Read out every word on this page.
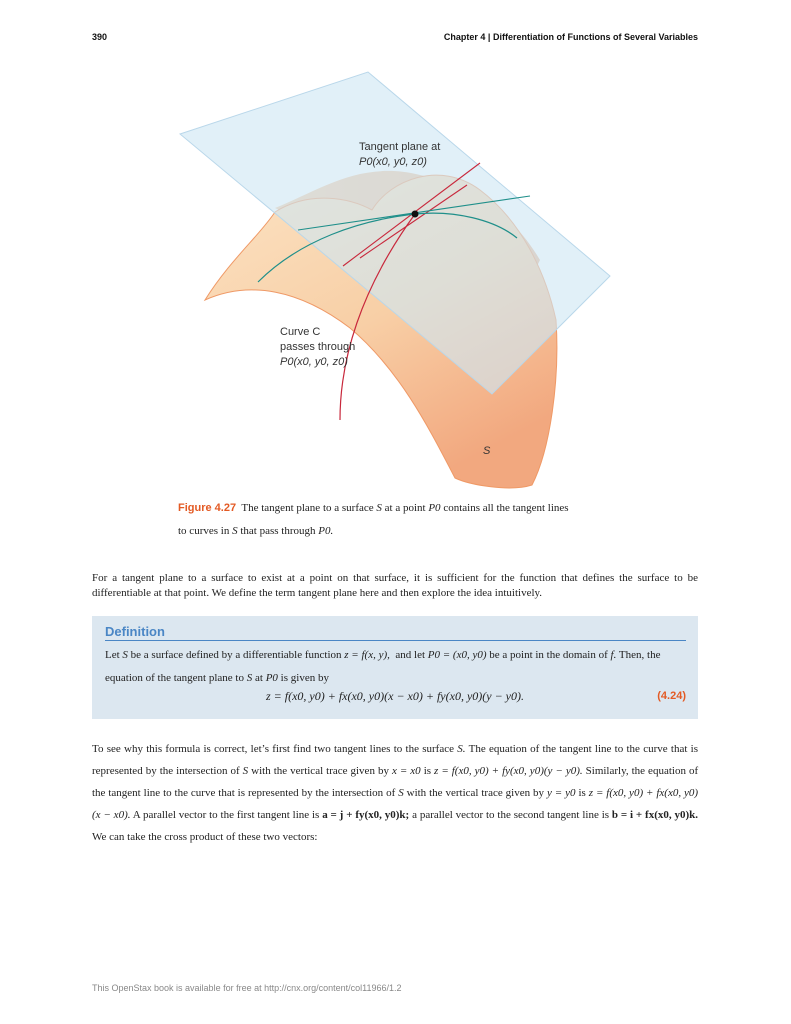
390	Chapter 4 | Differentiation of Functions of Several Variables
Tangent plane at
P0(x0, y0, z0)
Curve C
passes through
P0(x0, y0, z0)
S
Figure 4.27 The tangent plane to a surface S at a point P0 contains all the tangent lines
to curves in S that pass through P0.
For a tangent plane to a surface to exist at a point on that surface, it is sufficient for the function that defines the surface to be differentiable at that point. We define the term tangent plane here and then explore the idea intuitively.
Definition
Let S be a surface defined by a differentiable function z = f(x, y), and let P0 = (x0, y0) be a point in the domain of f. Then, the equation of the tangent plane to S at P0 is given by
z = f(x0, y0) + fx(x0, y0)(x − x0) + fy(x0, y0)(y − y0).	(4.24)
To see why this formula is correct, let’s first find two tangent lines to the surface S. The equation of the tangent line to the curve that is represented by the intersection of S with the vertical trace given by x = x0 is z = f(x0, y0) + fy(x0, y0)(y − y0). Similarly, the equation of the tangent line to the curve that is represented by the intersection of S with the vertical trace given by y = y0 is z = f(x0, y0) + fx(x0, y0)(x − x0). A parallel vector to the first tangent line is a = j + fy(x0, y0)k; a parallel vector to the second tangent line is b = i + fx(x0, y0)k. We can take the cross product of these two vectors:
This OpenStax book is available for free at http://cnx.org/content/col11966/1.2
